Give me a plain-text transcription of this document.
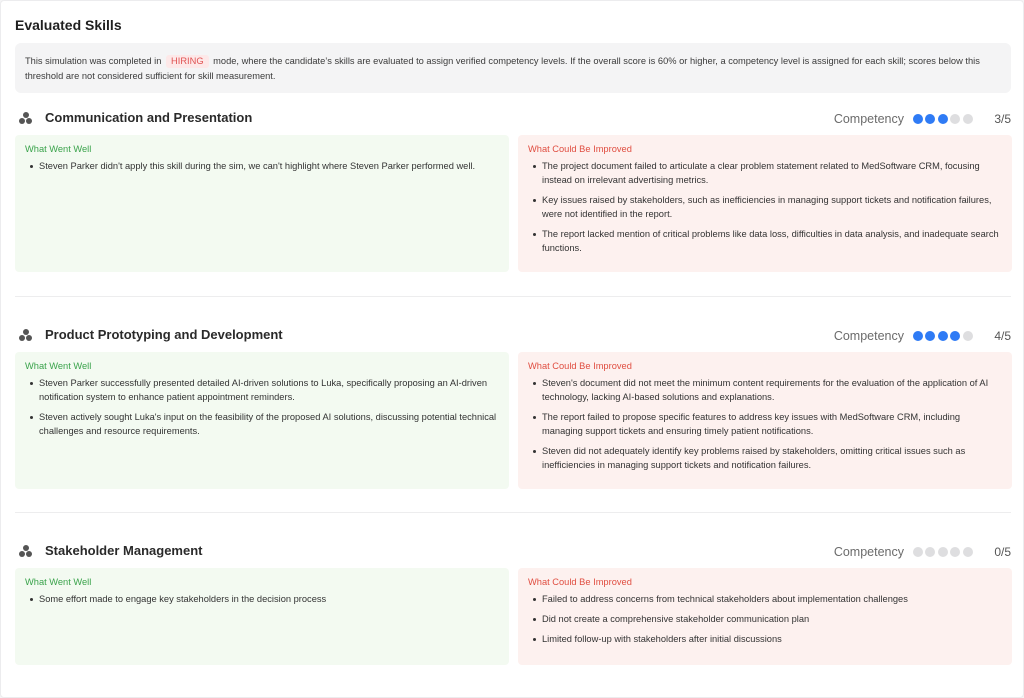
Evaluated Skills
This simulation was completed in HIRING mode, where the candidate’s skills are evaluated to assign verified competency levels. If the overall score is 60% or higher, a competency level is assigned for each skill; scores below this threshold are not considered sufficient for skill measurement.
Communication and Presentation	Competency	3/5
What Went Well
Steven Parker didn't apply this skill during the sim, we can't highlight where Steven Parker performed well.
What Could Be Improved
The project document failed to articulate a clear problem statement related to MedSoftware CRM, focusing instead on irrelevant advertising metrics.
Key issues raised by stakeholders, such as inefficiencies in managing support tickets and notification failures, were not identified in the report.
The report lacked mention of critical problems like data loss, difficulties in data analysis, and inadequate search functions.
Product Prototyping and Development	Competency	4/5
What Went Well
Steven Parker successfully presented detailed AI-driven solutions to Luka, specifically proposing an AI-driven notification system to enhance patient appointment reminders.
Steven actively sought Luka's input on the feasibility of the proposed AI solutions, discussing potential technical challenges and resource requirements.
What Could Be Improved
Steven's document did not meet the minimum content requirements for the evaluation of the application of AI technology, lacking AI-based solutions and explanations.
The report failed to propose specific features to address key issues with MedSoftware CRM, including managing support tickets and ensuring timely patient notifications.
Steven did not adequately identify key problems raised by stakeholders, omitting critical issues such as inefficiencies in managing support tickets and notification failures.
Stakeholder Management	Competency	0/5
What Went Well
Some effort made to engage key stakeholders in the decision process
What Could Be Improved
Failed to address concerns from technical stakeholders about implementation challenges
Did not create a comprehensive stakeholder communication plan
Limited follow-up with stakeholders after initial discussions
